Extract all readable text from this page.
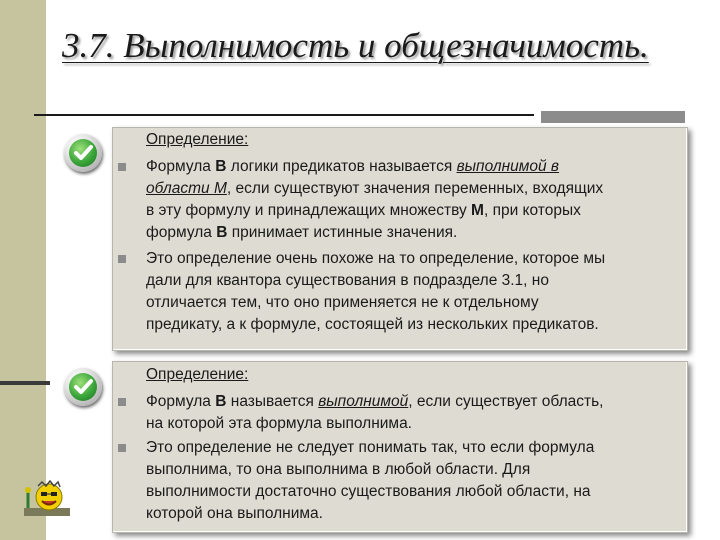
3.7. Выполнимость и общезначимость.
Определение:
Формула B логики предикатов называется выполнимой в
области M, если существуют значения переменных, входящих
в эту формулу и принадлежащих множеству M, при которых
формула B принимает истинные значения.
Это определение очень похоже на то определение, которое мы
дали для квантора существования в подразделе 3.1, но
отличается тем, что оно применяется не к отдельному
предикату, а к формуле, состоящей из нескольких предикатов.
Определение:
Формула B называется выполнимой, если существует область,
на которой эта формула выполнима.
Это определение не следует понимать так, что если формула
выполнима, то она выполнима в любой области. Для
выполнимости достаточно существования любой области, на
которой она выполнима.
